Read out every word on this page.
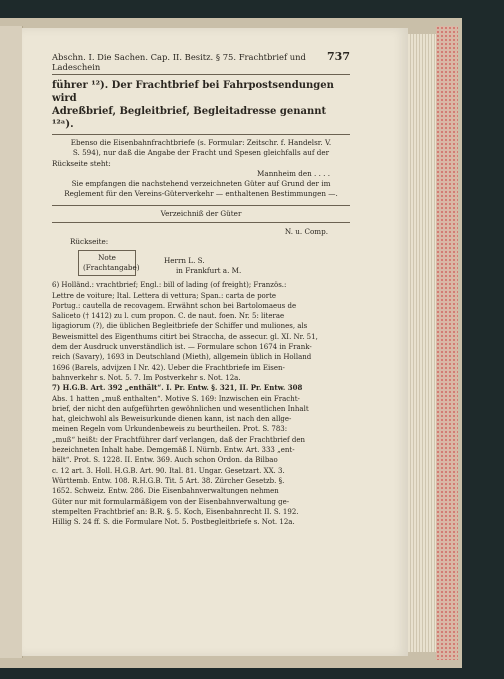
Abschn. I. Die Sachen. Cap. II. Besitz. § 75. Frachtbrief und Ladeschein
737
führer ¹²). Der Frachtbrief bei Fahrpostsendungen wird
Adreßbrief, Begleitbrief, Begleitadresse genannt ¹²ᵃ).
Ebenso die Eisenbahnfrachtbriefe (s. Formular: Zeitschr. f. Handelsr. V.
S. 594), nur daß die Angabe der Fracht und Spesen gleichfalls auf der
Rückseite steht:
Mannheim den . . . .
Sie empfangen die nachstehend verzeichneten Güter auf Grund der im
Reglement für den Vereins-Güterverkehr — enthaltenen Bestimmungen —.
Verzeichniß der Güter
N. u. Comp.
Rückseite:
Note
(Frachtangabe)
Herrn L. S.
in Frankfurt a. M.

6) Holländ.: vrachtbrief; Engl.: bill of lading (of freight); Französ.:

Lettre de voiture; Ital. Lettera di vettura; Span.: carta de porte

Portug.: cautella de recovagem. Erwähnt schon bei Bartolomaeus de

Saliceto († 1412) zu l. cum propon. C. de naut. foen. Nr. 5: literae

ligagiorum (?), die üblichen Begleitbriefe der Schiffer und muliones, als

Beweismittel des Eigenthums citirt bei Straccha, de assecur. gl. XI. Nr. 51,

dem der Ausdruck unverständlich ist. — Formulare schon 1674 in Frank-

reich (Savary), 1693 in Deutschland (Mieth), allgemein üblich in Holland

1696 (Barels, advijzen I Nr. 42). Ueber die Frachtbriefe im Eisen-

bahnverkehr s. Not. 5. 7. Im Postverkehr s. Not. 12a.

7) H.G.B. Art. 392 „enthält“. I. Pr. Entw. §. 321, II. Pr. Entw. 308

Abs. 1 hatten „muß enthalten“. Motive S. 169: Inzwischen ein Fracht-

brief, der nicht den aufgeführten gewöhnlichen und wesentlichen Inhalt

hat, gleichwohl als Beweisurkunde dienen kann, ist nach den allge-

meinen Regeln vom Urkundenbeweis zu beurtheilen. Prot. S. 783:

„muß“ heißt: der Frachtführer darf verlangen, daß der Frachtbrief den

bezeichneten Inhalt habe. Demgemäß I. Nürnb. Entw. Art. 333 „ent-

hält“. Prot. S. 1228. II. Entw. 369. Auch schon Ordon. da Bilbao

c. 12 art. 3. Holl. H.G.B. Art. 90. Ital. 81. Ungar. Gesetzart. XX. 3.

Württemb. Entw. 108. R.H.G.B. Tit. 5 Art. 38. Zürcher Gesetzb. §.

1652. Schweiz. Entw. 286. Die Eisenbahnverwaltungen nehmen

Güter nur mit formularmäßigem von der Eisenbahnverwaltung ge-

stempelten Frachtbrief an: B.R. §. 5. Koch, Eisenbahnrecht II. S. 192.

Hillig S. 24 ff. S. die Formulare Not. 5. Postbegleitbriefe s. Not. 12a.
